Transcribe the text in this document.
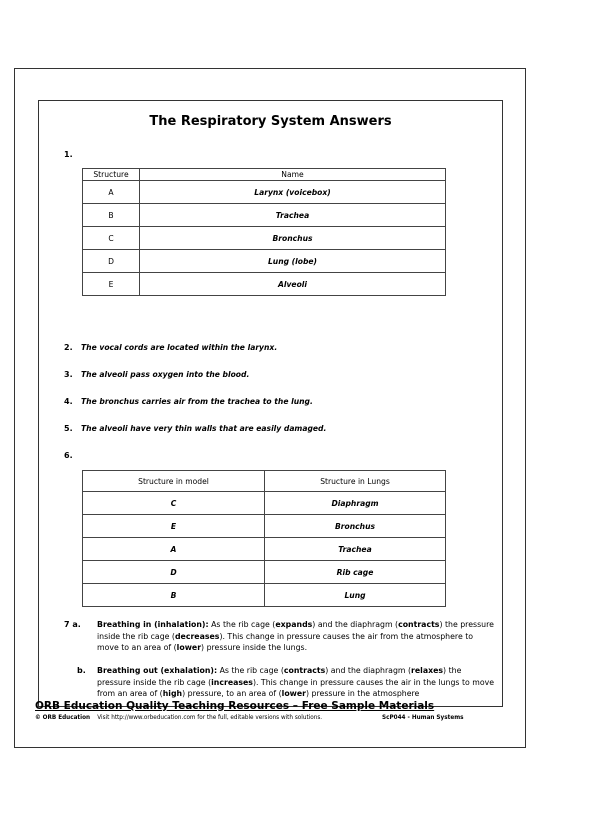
The Respiratory System Answers
1.
Structure	Name
A	Larynx (voicebox)
B	Trachea
C	Bronchus
D	Lung (lobe)
E	Alveoli
2. The vocal cords are located within the larynx.
3. The alveoli pass oxygen into the blood.
4. The bronchus carries air from the trachea to the lung.
5. The alveoli have very thin walls that are easily damaged.
6.
Structure in model	Structure in Lungs
C	Diaphragm
E	Bronchus
A	Trachea
D	Rib cage
B	Lung
7 a. Breathing in (inhalation): As the rib cage (expands) and the diaphragm (contracts) the pressure inside the rib cage (decreases). This change in pressure causes the air from the atmosphere to move to an area of (lower) pressure inside the lungs.
b. Breathing out (exhalation): As the rib cage (contracts) and the diaphragm (relaxes) the pressure inside the rib cage (increases). This change in pressure causes the air in the lungs to move from an area of (high) pressure, to an area of (lower) pressure in the atmosphere
ORB Education Quality Teaching Resources – Free Sample Materials
© ORB Education Visit http://www.orbeducation.com for the full, editable versions with solutions.	ScP044 - Human Systems
